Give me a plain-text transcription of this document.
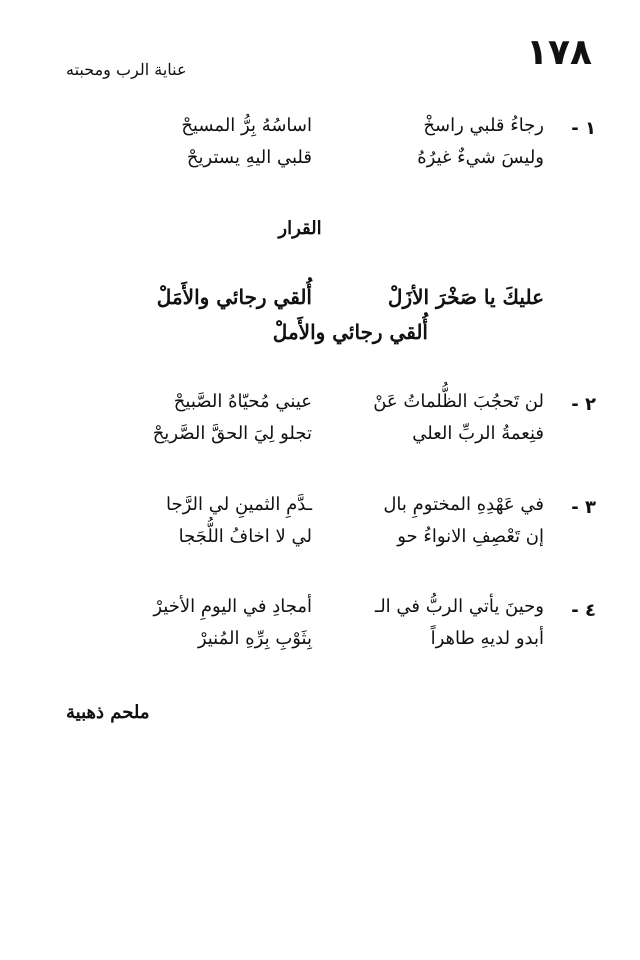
١٧٨
عناية الرب ومحبته
١ -
رجاءُ قلبي راسخْ
اساسُهُ بِرُّ المسيحْ
وليسَ شيءٌ غيرُهُ
قلبي اليهِ يستريحْ
القرار
عليكَ يا صَخْرَ الأزَلْ
أُلقي رجائي والأَمَلْ
أُلقي رجائي والأَملْ
٢ -
لن تَحجُبَ الظُّلماتُ عَنْ
عيني مُحيّاهُ الصَّبيحْ
فنِعمةُ الربِّ العلي
تجلو لِيَ الحقَّ الصَّريحْ
٣ -
في عَهْدِهِ المختومِ بال
ـدَّمِ الثمينِ لي الرَّجا
إن تَعْصِفِ الانواءُ حو
لي لا اخافُ اللُّجَجا
٤ -
وحينَ يأتي الربُّ في الـ
أمجادِ في اليومِ الأخيرْ
أبدو لديهِ طاهراً
بِثَوْبِ بِرِّهِ المُنيرْ
ملحم ذهبية
